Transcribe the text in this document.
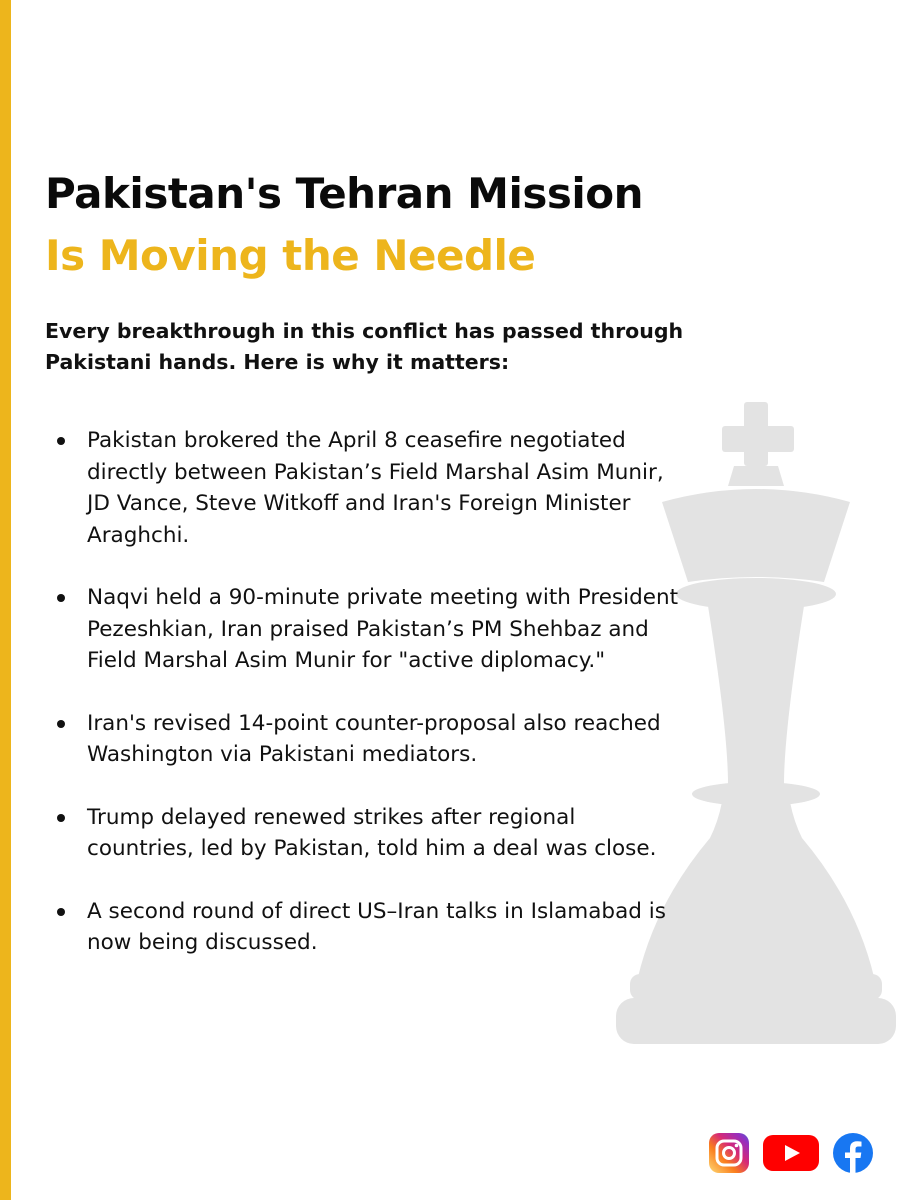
Pakistan's Tehran Mission
Is Moving the Needle

Every breakthrough in this conflict has passed through Pakistani hands. Here is why it matters:

Pakistan brokered the April 8 ceasefire negotiated directly between Pakistan’s Field Marshal Asim Munir, JD Vance, Steve Witkoff and Iran's Foreign Minister Araghchi.
Naqvi held a 90-minute private meeting with President Pezeshkian, Iran praised Pakistan’s PM Shehbaz and Field Marshal Asim Munir for "active diplomacy."
Iran's revised 14-point counter-proposal also reached Washington via Pakistani mediators.
Trump delayed renewed strikes after regional countries, led by Pakistan, told him a deal was close.
A second round of direct US–Iran talks in Islamabad is now being discussed.
